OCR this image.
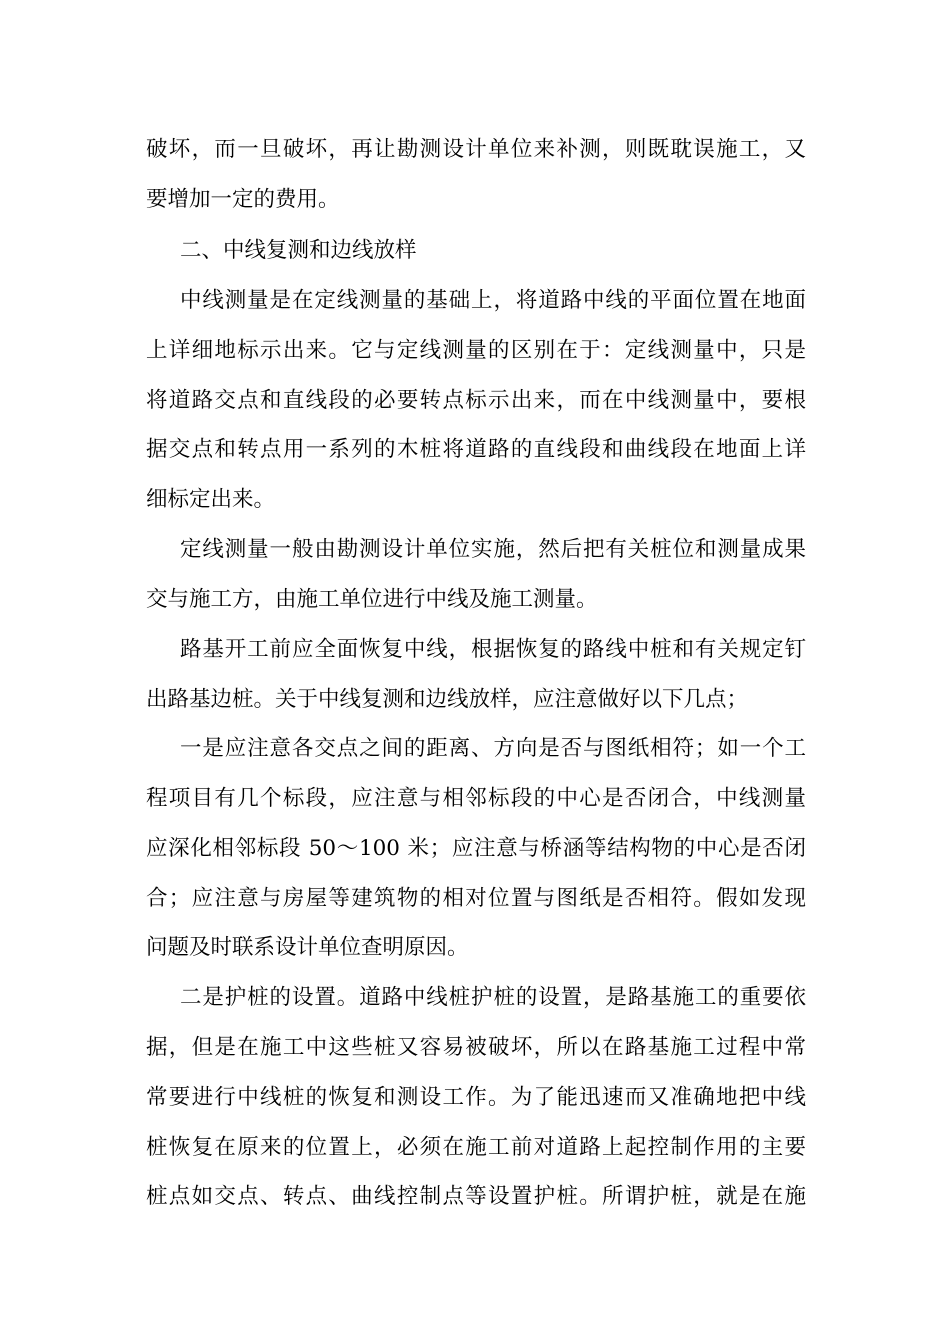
破坏，而一旦破坏，再让勘测设计单位来补测，则既耽误施工，又
要增加一定的费用。
二、中线复测和边线放样
中线测量是在定线测量的基础上，将道路中线的平面位置在地面
上详细地标示出来。它与定线测量的区别在于：定线测量中，只是
将道路交点和直线段的必要转点标示出来，而在中线测量中，要根
据交点和转点用一系列的木桩将道路的直线段和曲线段在地面上详
细标定出来。
定线测量一般由勘测设计单位实施，然后把有关桩位和测量成果
交与施工方，由施工单位进行中线及施工测量。
路基开工前应全面恢复中线，根据恢复的路线中桩和有关规定钉
出路基边桩。关于中线复测和边线放样，应注意做好以下几点；
一是应注意各交点之间的距离、方向是否与图纸相符；如一个工
程项目有几个标段，应注意与相邻标段的中心是否闭合，中线测量
应深化相邻标段 50～100 米；应注意与桥涵等结构物的中心是否闭
合；应注意与房屋等建筑物的相对位置与图纸是否相符。假如发现
问题及时联系设计单位查明原因。
二是护桩的设置。道路中线桩护桩的设置，是路基施工的重要依
据，但是在施工中这些桩又容易被破坏，所以在路基施工过程中常
常要进行中线桩的恢复和测设工作。为了能迅速而又准确地把中线
桩恢复在原来的位置上，必须在施工前对道路上起控制作用的主要
桩点如交点、转点、曲线控制点等设置护桩。所谓护桩，就是在施
